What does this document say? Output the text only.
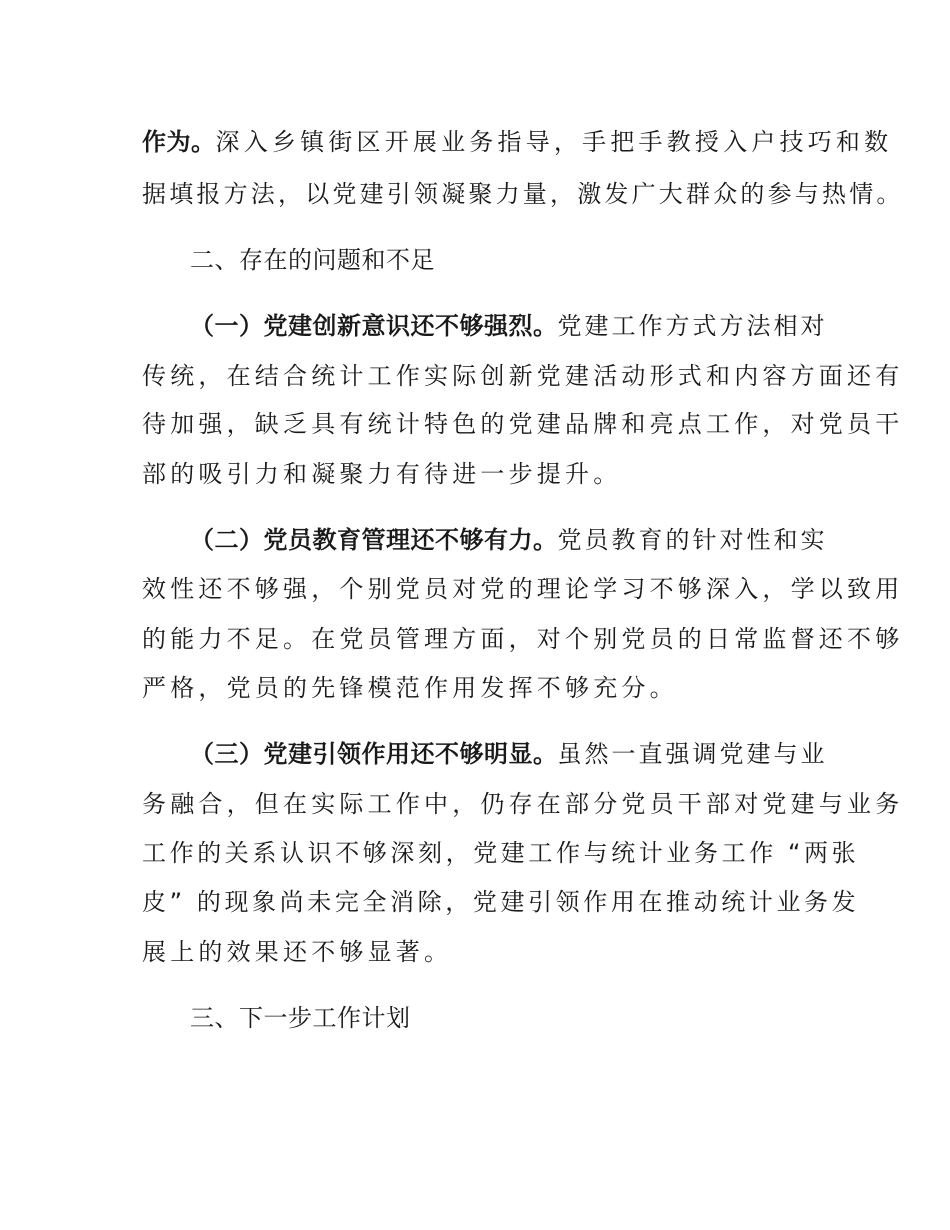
作为。深入乡镇街区开展业务指导，手把手教授入户技巧和数
据填报方法，以党建引领凝聚力量，激发广大群众的参与热情。
二、存在的问题和不足
（一）党建创新意识还不够强烈。党建工作方式方法相对
传统，在结合统计工作实际创新党建活动形式和内容方面还有
待加强，缺乏具有统计特色的党建品牌和亮点工作，对党员干
部的吸引力和凝聚力有待进一步提升。
（二）党员教育管理还不够有力。党员教育的针对性和实
效性还不够强，个别党员对党的理论学习不够深入，学以致用
的能力不足。在党员管理方面，对个别党员的日常监督还不够
严格，党员的先锋模范作用发挥不够充分。
（三）党建引领作用还不够明显。虽然一直强调党建与业
务融合，但在实际工作中，仍存在部分党员干部对党建与业务
工作的关系认识不够深刻，党建工作与统计业务工作 “两张
皮” 的现象尚未完全消除，党建引领作用在推动统计业务发
展上的效果还不够显著。
三、下一步工作计划
